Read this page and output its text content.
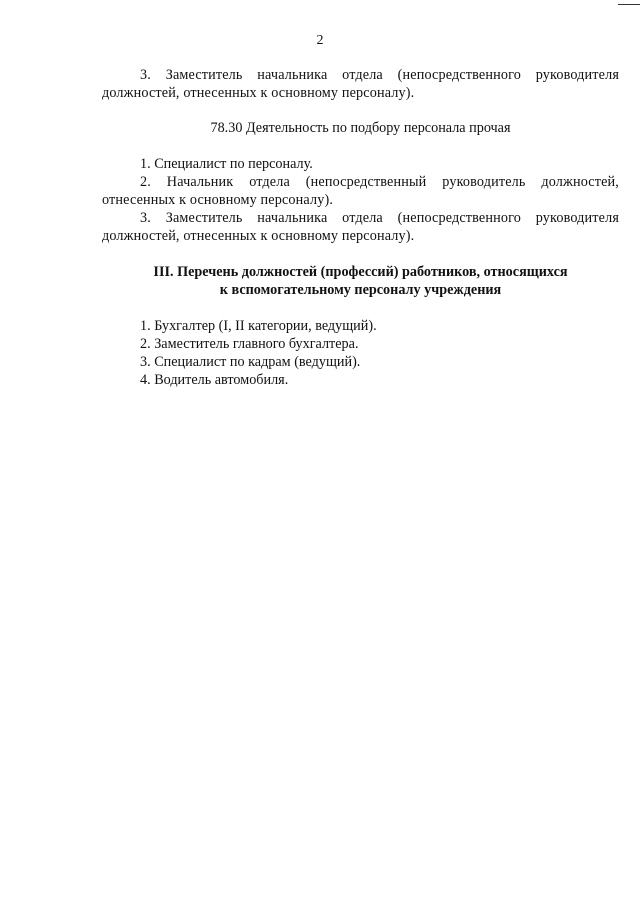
2

3. Заместитель начальника отдела (непосредственного руководителя должностей, отнесенных к основному персоналу).

78.30 Деятельность по подбору персонала прочая

1. Специалист по персоналу.

2. Начальник отдела (непосредственный руководитель должностей, отнесенных к основному персоналу).

3. Заместитель начальника отдела (непосредственного руководителя должностей, отнесенных к основному персоналу).

III. Перечень должностей (профессий) работников, относящихся
к вспомогательному персоналу учреждения

1. Бухгалтер (I, II категории, ведущий).

2. Заместитель главного бухгалтера.

3. Специалист по кадрам (ведущий).

4. Водитель автомобиля.
